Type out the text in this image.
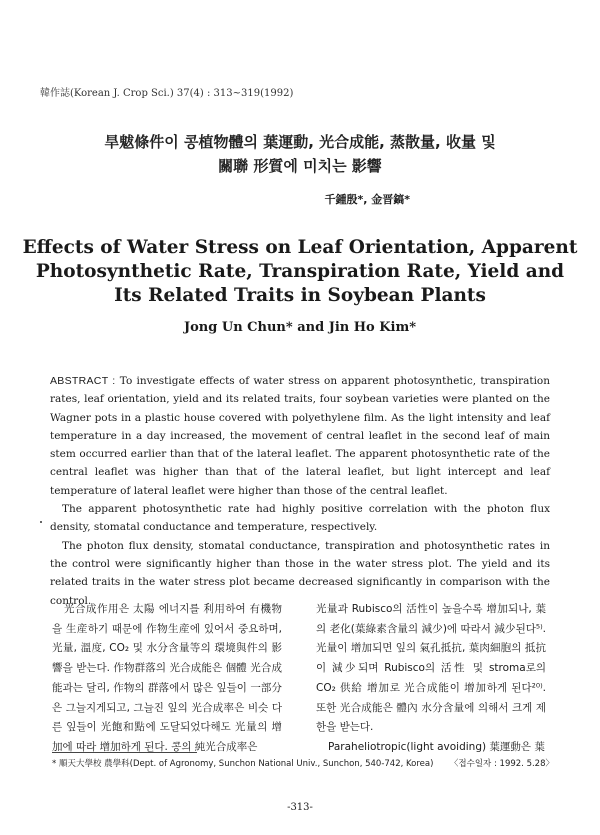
韓作誌(Korean J. Crop Sci.) 37(4) : 313~319(1992)
旱魃條件이 콩植物體의 葉運動, 光合成能, 蒸散量, 收量 및
關聯 形質에 미치는 影響
千鍾殷*, 金晋鎬*
Effects of Water Stress on Leaf Orientation, Apparent
Photosynthetic Rate, Transpiration Rate, Yield and
Its Related Traits in Soybean Plants
Jong Un Chun* and Jin Ho Kim*

ABSTRACT : To investigate effects of water stress on apparent photosynthetic, transpiration rates, leaf orientation, yield and its related traits, four soybean varieties were planted on the Wagner pots in a plastic house covered with polyethylene film. As the light intensity and leaf temperature in a day increased, the movement of central leaflet in the second leaf of main stem occurred earlier than that of the lateral leaflet. The apparent photosynthetic rate of the central leaflet was higher than that of the lateral leaflet, but light intercept and leaf temperature of lateral leaflet were higher than those of the central leaflet.

The apparent photosynthetic rate had highly positive correlation with the photon flux density, stomatal conductance and temperature, respectively.

The photon flux density, stomatal conductance, transpiration and photosynthetic rates in the control were significantly higher than those in the water stress plot. The yield and its related traits in the water stress plot became decreased significantly in comparison with the control.

光合成作用은 太陽 에너지를 利用하여 有機物을 生産하기 때문에 作物生産에 있어서 중요하며, 光量, 溫度, CO₂ 및 水分含量等의 環境與件의 影響을 받는다. 作物群落의 光合成能은 個體 光合成能과는 달리, 作物의 群落에서 많은 잎들이 一部分은 그늘지게되고, 그늘진 잎의 光合成率은 비슷 다른 잎들이 光飽和點에 도달되었다해도 光量의 增加에 따라 增加하게 된다. 콩의 純光合成率은

光量과 Rubisco의 活性이 높을수록 增加되나, 葉의 老化(葉綠素含量의 減少)에 따라서 減少된다⁵⁾. 光量이 增加되면 잎의 氣孔抵抗, 葉肉細胞의 抵抗이 減少되며 Rubisco의 活性 및 stroma로의 CO₂ 供給 增加로 光合成能이 增加하게 된다²⁰⁾. 또한 光合成能은 體內 水分含量에 의해서 크게 제한을 받는다.

Paraheliotropic(light avoiding) 葉運動은 葉

* 順天大學校 農學科(Dept. of Agronomy, Sunchon National Univ., Sunchon, 540-742, Korea) 〈접수일자 : 1992. 5.28〉
-313-
